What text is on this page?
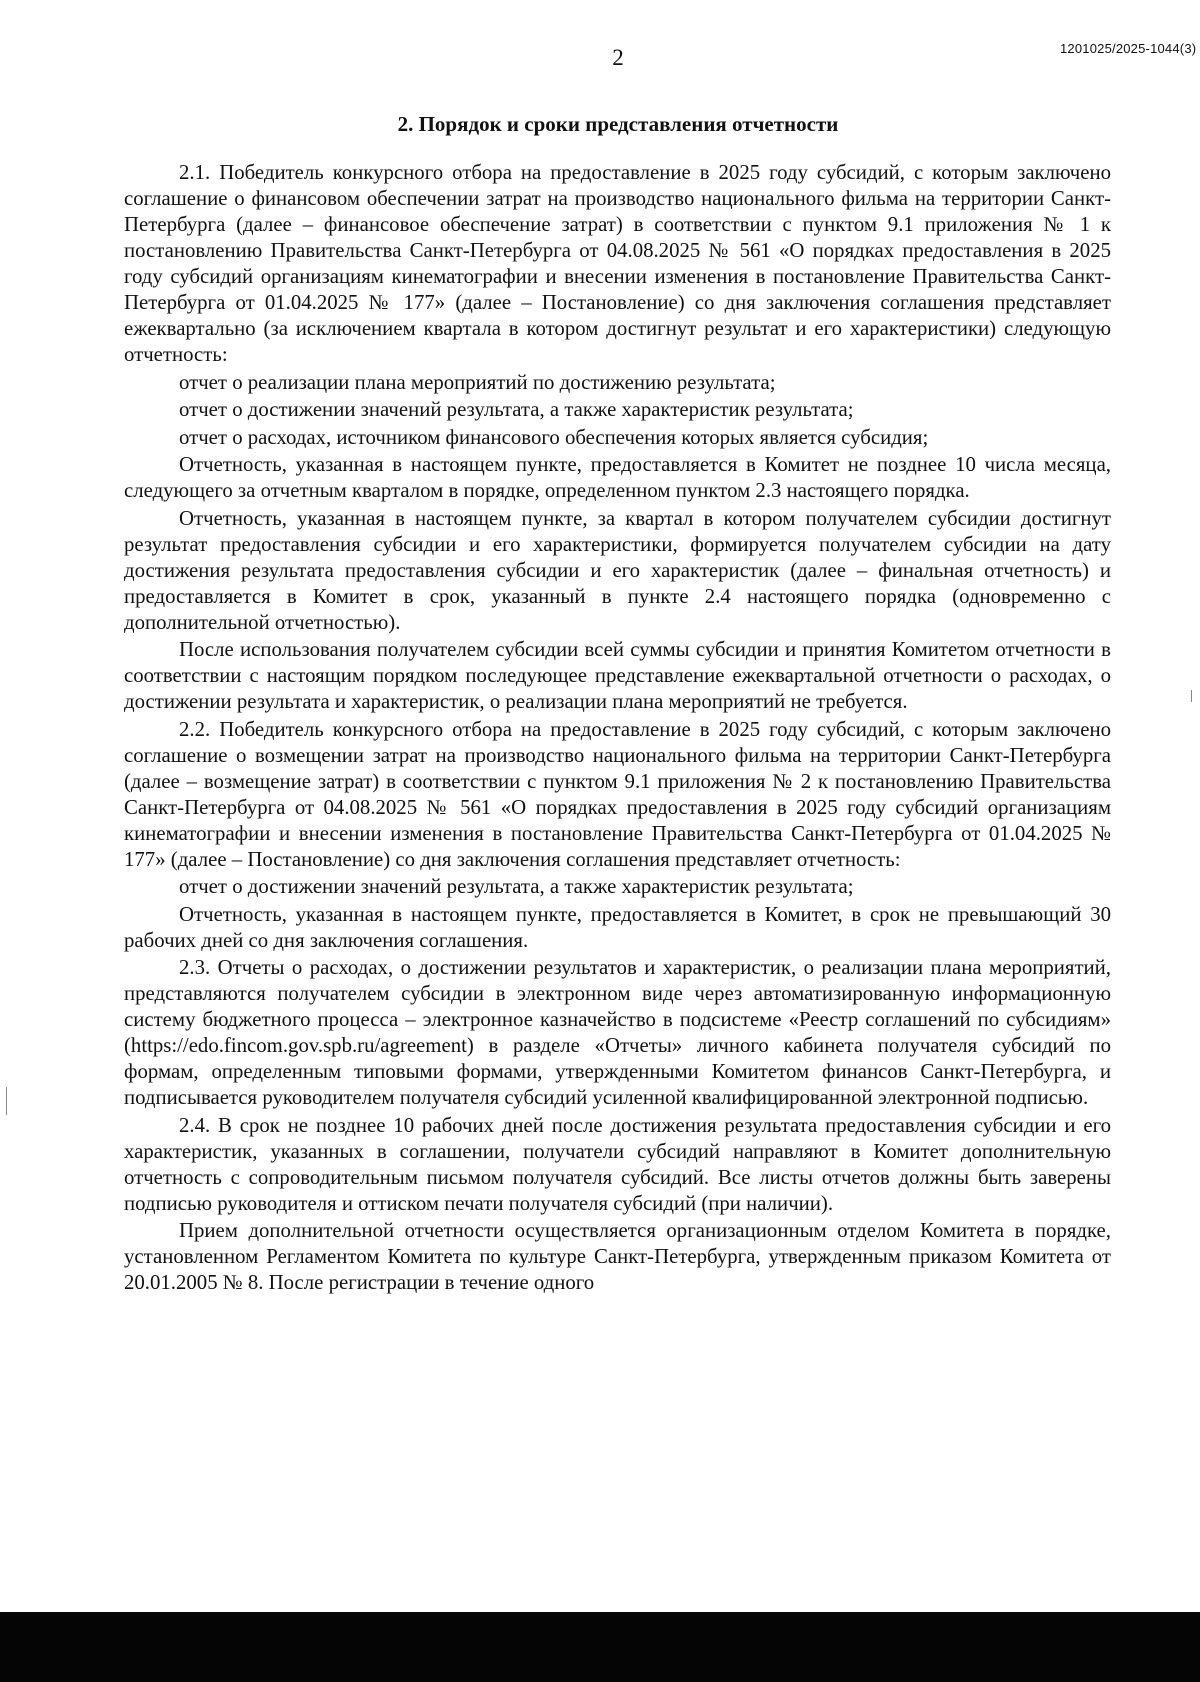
2	1201025/2025-1044(3)
2. Порядок и сроки представления отчетности

2.1. Победитель конкурсного отбора на предоставление в 2025 году субсидий, с которым заключено соглашение о финансовом обеспечении затрат на производство национального фильма на территории Санкт-Петербурга (далее – финансовое обеспечение затрат) в соответствии с пунктом 9.1 приложения № 1 к постановлению Правительства Санкт-Петербурга от 04.08.2025 № 561 «О порядках предоставления в 2025 году субсидий организациям кинематографии и внесении изменения в постановление Правительства Санкт-Петербурга от 01.04.2025 № 177» (далее – Постановление) со дня заключения соглашения представляет ежеквартально (за исключением квартала в котором достигнут результат и его характеристики) следующую отчетность:

отчет о реализации плана мероприятий по достижению результата;

отчет о достижении значений результата, а также характеристик результата;

отчет о расходах, источником финансового обеспечения которых является субсидия;

Отчетность, указанная в настоящем пункте, предоставляется в Комитет не позднее 10 числа месяца, следующего за отчетным кварталом в порядке, определенном пунктом 2.3 настоящего порядка.

Отчетность, указанная в настоящем пункте, за квартал в котором получателем субсидии достигнут результат предоставления субсидии и его характеристики, формируется получателем субсидии на дату достижения результата предоставления субсидии и его характеристик (далее – финальная отчетность) и предоставляется в Комитет в срок, указанный в пункте 2.4 настоящего порядка (одновременно с дополнительной отчетностью).

После использования получателем субсидии всей суммы субсидии и принятия Комитетом отчетности в соответствии с настоящим порядком последующее представление ежеквартальной отчетности о расходах, о достижении результата и характеристик, о реализации плана мероприятий не требуется.

2.2. Победитель конкурсного отбора на предоставление в 2025 году субсидий, с которым заключено соглашение о возмещении затрат на производство национального фильма на территории Санкт-Петербурга (далее – возмещение затрат) в соответствии с пунктом 9.1 приложения № 2 к постановлению Правительства Санкт-Петербурга от 04.08.2025 № 561 «О порядках предоставления в 2025 году субсидий организациям кинематографии и внесении изменения в постановление Правительства Санкт-Петербурга от 01.04.2025 № 177» (далее – Постановление) со дня заключения соглашения представляет отчетность:

отчет о достижении значений результата, а также характеристик результата;

Отчетность, указанная в настоящем пункте, предоставляется в Комитет, в срок не превышающий 30 рабочих дней со дня заключения соглашения.

2.3. Отчеты о расходах, о достижении результатов и характеристик, о реализации плана мероприятий, представляются получателем субсидии в электронном виде через автоматизированную информационную систему бюджетного процесса – электронное казначейство в подсистеме «Реестр соглашений по субсидиям» (https://edo.fincom.gov.spb.ru/agreement) в разделе «Отчеты» личного кабинета получателя субсидий по формам, определенным типовыми формами, утвержденными Комитетом финансов Санкт-Петербурга, и подписывается руководителем получателя субсидий усиленной квалифицированной электронной подписью.

2.4. В срок не позднее 10 рабочих дней после достижения результата предоставления субсидии и его характеристик, указанных в соглашении, получатели субсидий направляют в Комитет дополнительную отчетность с сопроводительным письмом получателя субсидий. Все листы отчетов должны быть заверены подписью руководителя и оттиском печати получателя субсидий (при наличии).

Прием дополнительной отчетности осуществляется организационным отделом Комитета в порядке, установленном Регламентом Комитета по культуре Санкт-Петербурга, утвержденным приказом Комитета от 20.01.2005 № 8. После регистрации в течение одного
